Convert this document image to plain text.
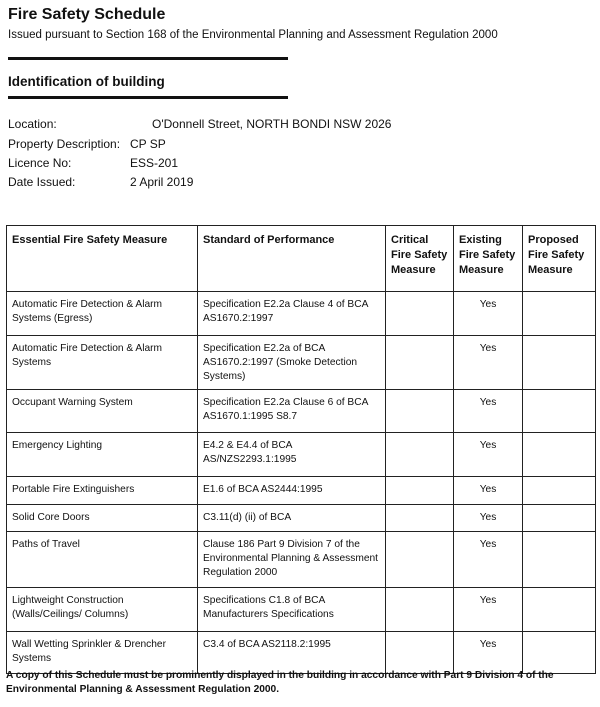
Fire Safety Schedule
Issued pursuant to Section 168 of the Environmental Planning and Assessment Regulation 2000
Identification of building
Location:	O'Donnell Street, NORTH BONDI NSW 2026
Property Description: CP SP
Licence No:	ESS-201
Date Issued:	2 April 2019
Essential Fire Safety Measure	Standard of Performance	Critical Fire Safety Measure	Existing Fire Safety Measure	Proposed Fire Safety Measure
Automatic Fire Detection & Alarm Systems (Egress)	Specification E2.2a Clause 4 of BCA AS1670.2:1997		Yes	
Automatic Fire Detection & Alarm Systems	Specification E2.2a of BCA AS1670.2:1997 (Smoke Detection Systems)		Yes	
Occupant Warning System	Specification E2.2a Clause 6 of BCA AS1670.1:1995 S8.7		Yes	
Emergency Lighting	E4.2 & E4.4 of BCA AS/NZS2293.1:1995		Yes	
Portable Fire Extinguishers	E1.6 of BCA AS2444:1995		Yes	
Solid Core Doors	C3.11(d) (ii) of BCA		Yes	
Paths of Travel	Clause 186 Part 9 Division 7 of the Environmental Planning & Assessment Regulation 2000		Yes	
Lightweight Construction (Walls/Ceilings/ Columns)	Specifications C1.8 of BCA Manufacturers Specifications		Yes	
Wall Wetting Sprinkler & Drencher Systems	C3.4 of BCA AS2118.2:1995		Yes	
A copy of this Schedule must be prominently displayed in the building in accordance with Part 9 Division 4 of the Environmental Planning & Assessment Regulation 2000.
